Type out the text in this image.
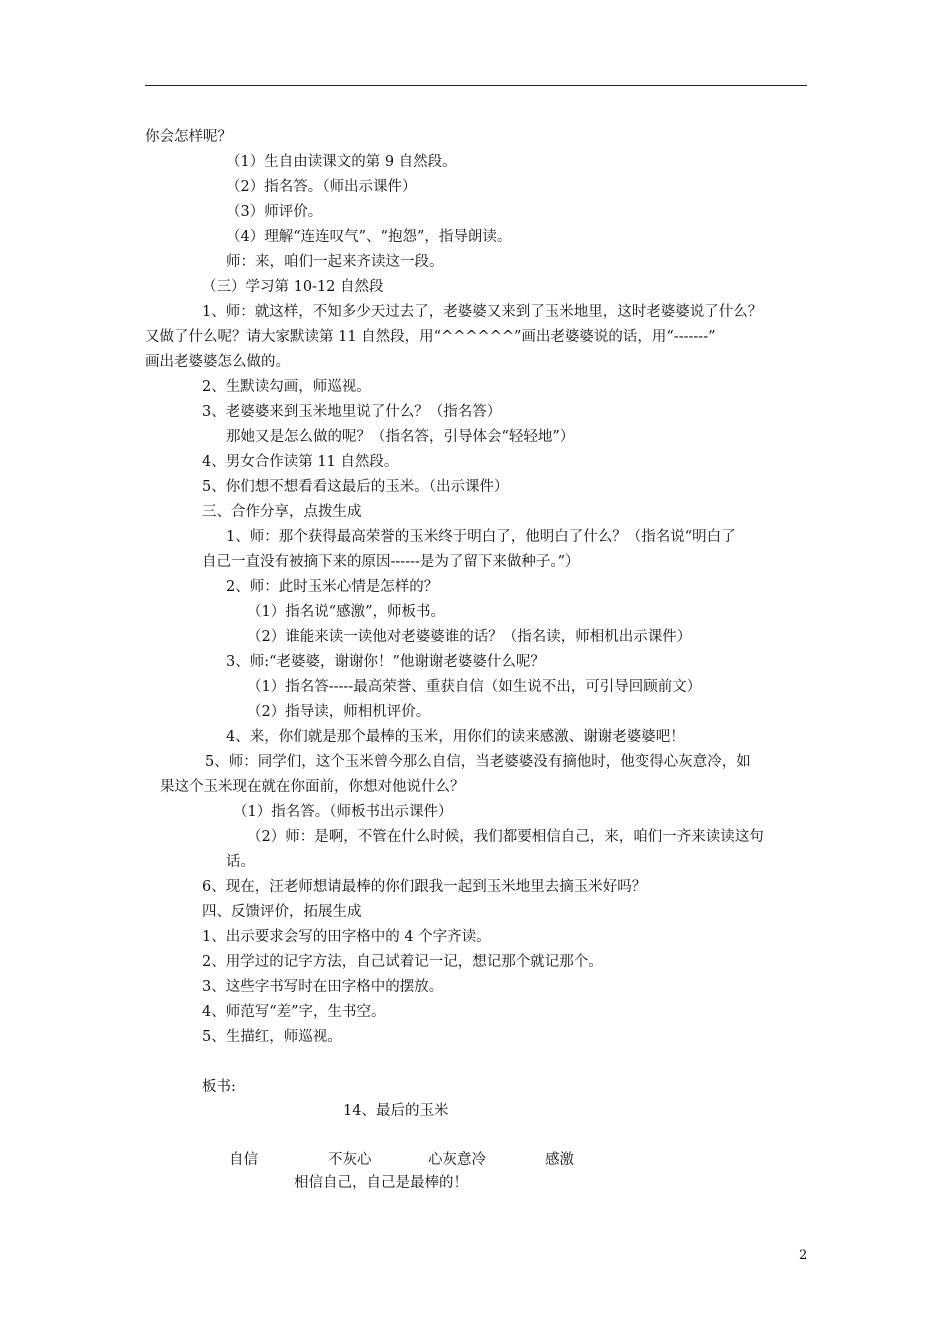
你会怎样呢？
（1）生自由读课文的第 9 自然段。
（2）指名答。（师出示课件）
（3）师评价。
（4）理解“连连叹气”、“抱怨”，指导朗读。
师：来，咱们一起来齐读这一段。
（三）学习第 10-12 自然段
1、师：就这样，不知多少天过去了，老婆婆又来到了玉米地里，这时老婆婆说了什么？
又做了什么呢？请大家默读第 11 自然段，用“^^^^^^”画出老婆婆说的话，用“-------”
画出老婆婆怎么做的。
2、生默读勾画，师巡视。
3、老婆婆来到玉米地里说了什么？（指名答）
那她又是怎么做的呢？（指名答，引导体会“轻轻地”）
4、男女合作读第 11 自然段。
5、你们想不想看看这最后的玉米。（出示课件）
三、合作分享，点拨生成
1、师：那个获得最高荣誉的玉米终于明白了，他明白了什么？（指名说“明白了
自己一直没有被摘下来的原因------是为了留下来做种子。”）
2、师：此时玉米心情是怎样的？
（1）指名说“感激”，师板书。
（2）谁能来读一读他对老婆婆谁的话？（指名读，师相机出示课件）
3、师:“老婆婆，谢谢你！”他谢谢老婆婆什么呢？
（1）指名答-----最高荣誉、重获自信（如生说不出，可引导回顾前文）
（2）指导读，师相机评价。
4、来，你们就是那个最棒的玉米，用你们的读来感激、谢谢老婆婆吧！
5、师：同学们，这个玉米曾今那么自信，当老婆婆没有摘他时，他变得心灰意冷，如
果这个玉米现在就在你面前，你想对他说什么？
（1）指名答。（师板书出示课件）
（2）师：是啊，不管在什么时候，我们都要相信自己，来，咱们一齐来读读这句
话。
6、现在，汪老师想请最棒的你们跟我一起到玉米地里去摘玉米好吗？
四、反馈评价，拓展生成
1、出示要求会写的田字格中的 4 个字齐读。
2、用学过的记字方法，自己试着记一记，想记那个就记那个。
3、这些字书写时在田字格中的摆放。
4、师范写“差”字，生书空。
5、生描红，师巡视。
板书:
14、最后的玉米
自信	不灰心	心灰意冷	感激
相信自己，自己是最棒的！
2
